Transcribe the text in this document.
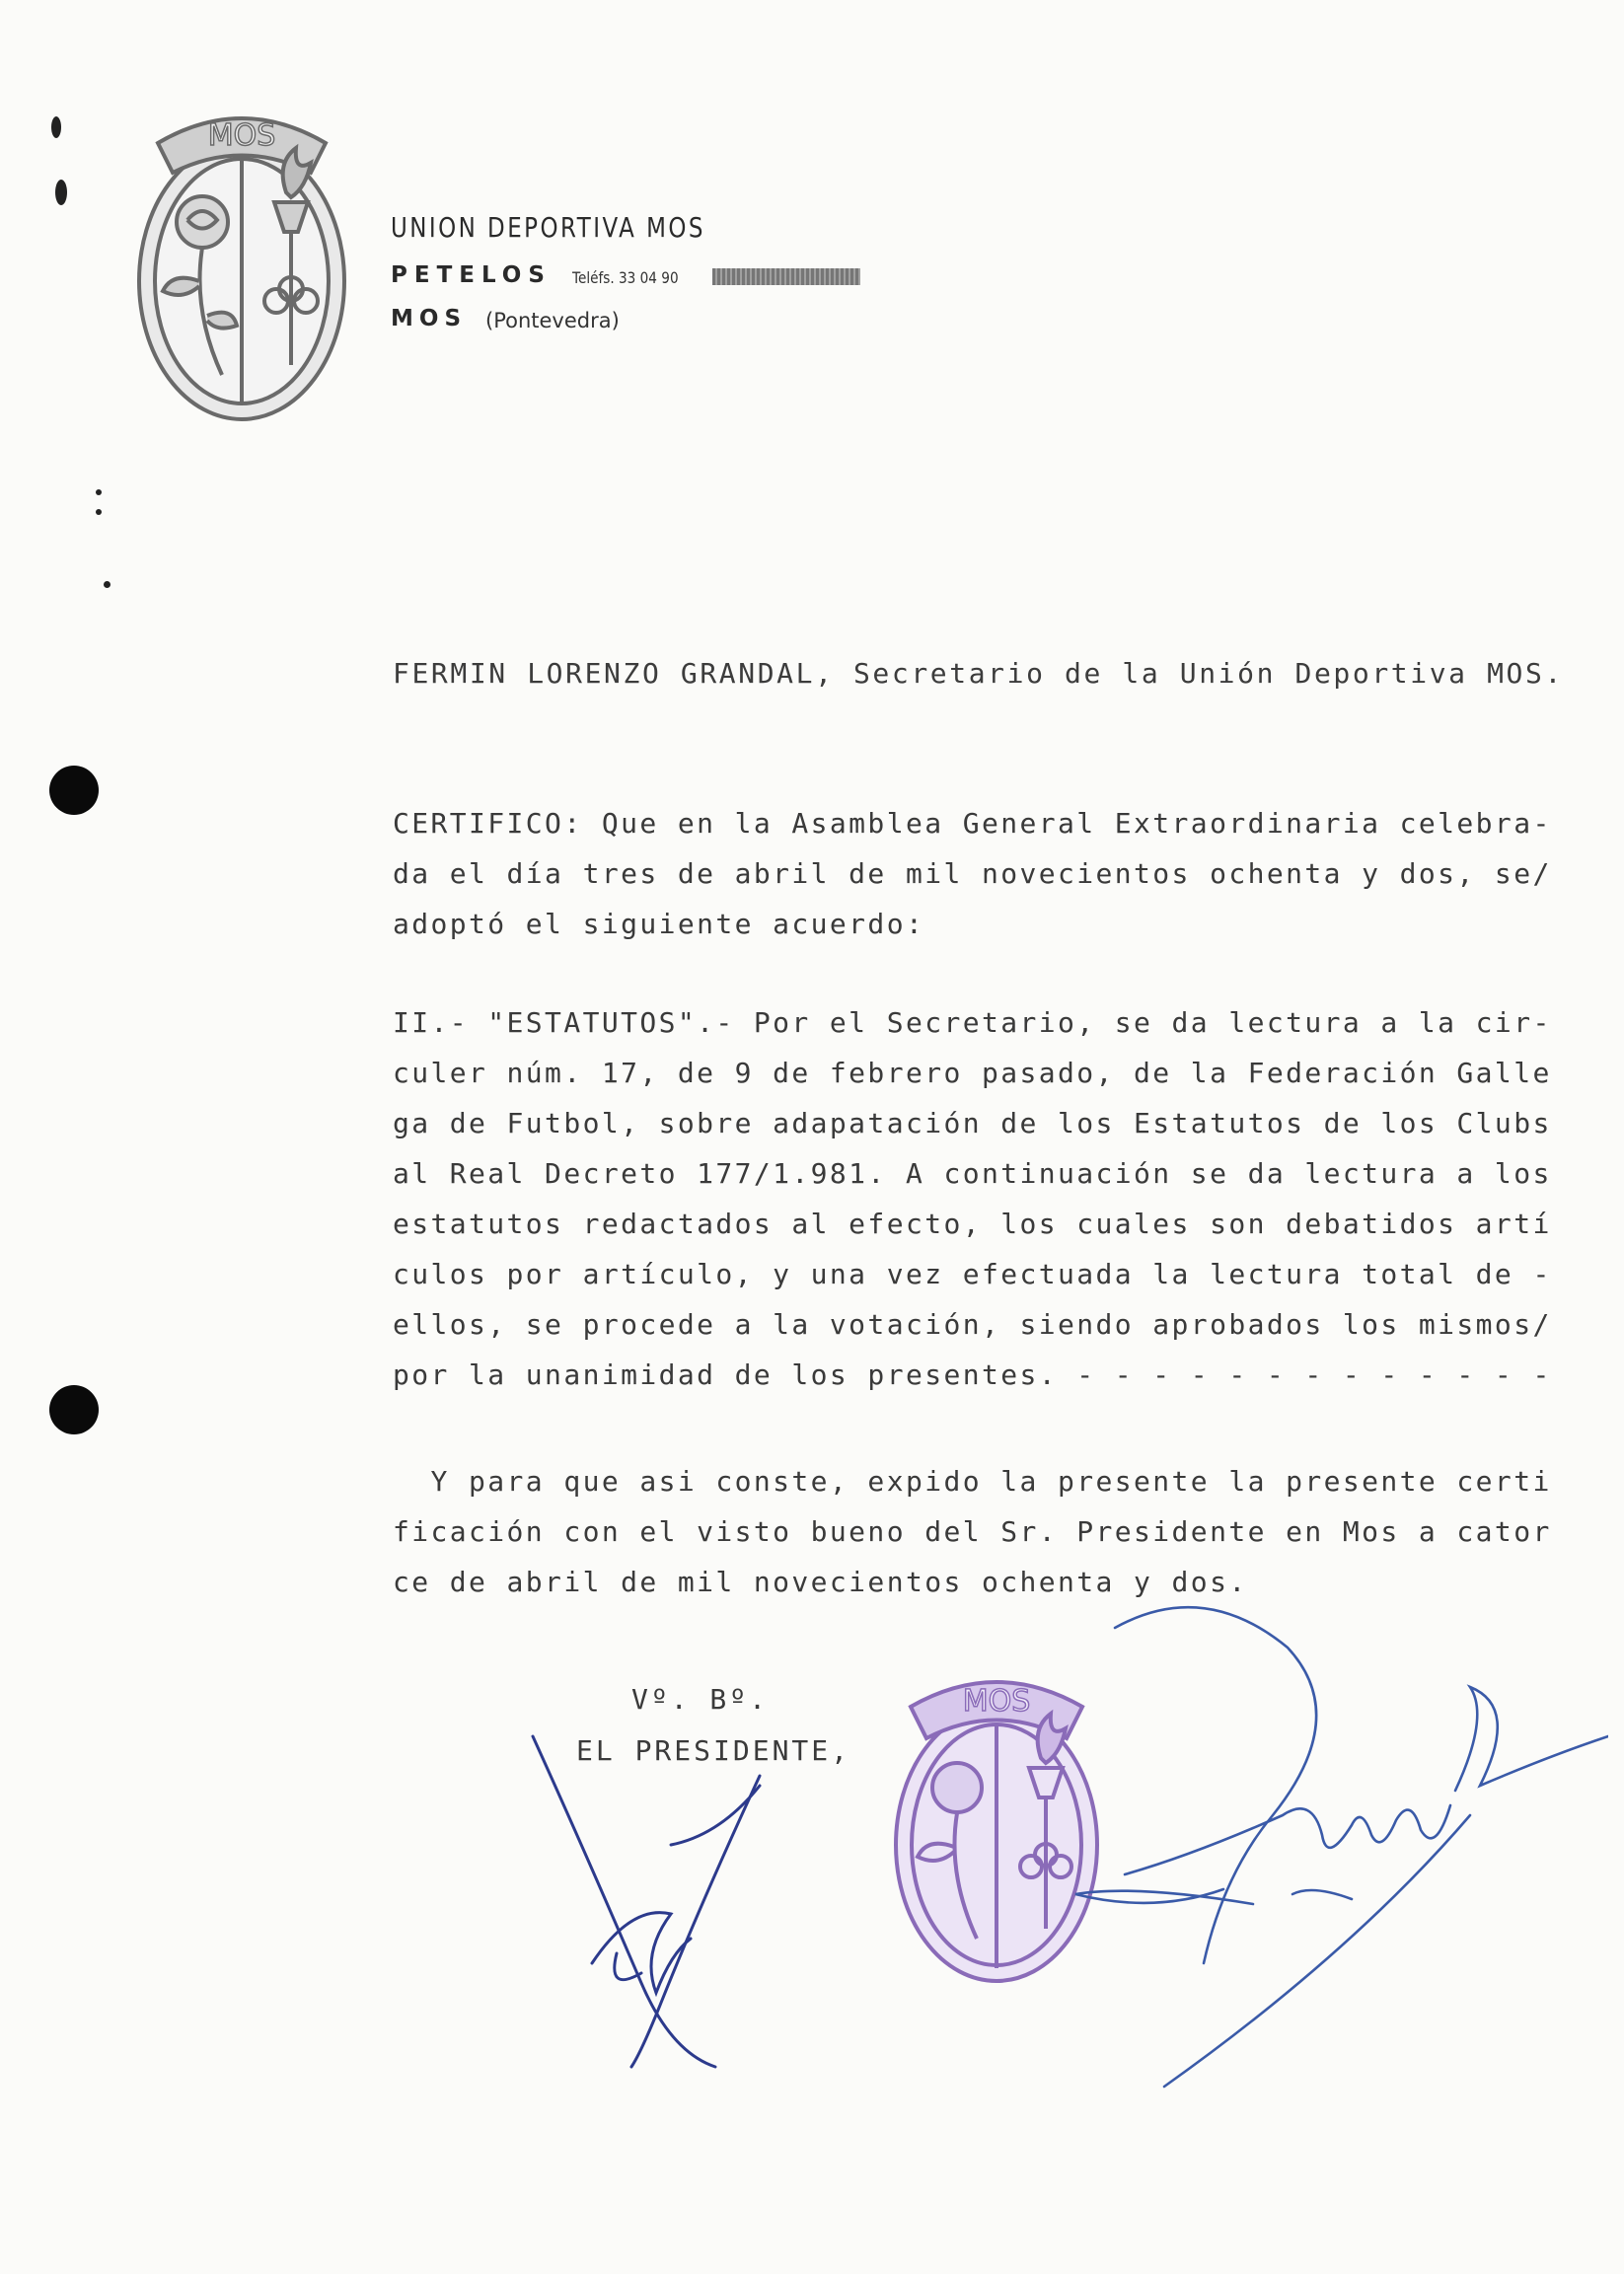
MOS
UNION DEPORTIVA MOS
PETELOS Teléfs. 33 04 90
MOS (Pontevedra)
FERMIN LORENZO GRANDAL, Secretario de la Unión Deportiva MOS.
CERTIFICO: Que en la Asamblea General Extraordinaria celebra-
da el día tres de abril de mil novecientos ochenta y dos, se/
adoptó el siguiente acuerdo:
II.- "ESTATUTOS".- Por el Secretario, se da lectura a la cir-
culer núm. 17, de 9 de febrero pasado, de la Federación Galle
ga de Futbol, sobre adapatación de los Estatutos de los Clubs
al Real Decreto 177/1.981. A continuación se da lectura a los
estatutos redactados al efecto, los cuales son debatidos artí
culos por artículo, y una vez efectuada la lectura total de -
ellos, se procede a la votación, siendo aprobados los mismos/
por la unanimidad de los presentes. - - - - - - - - - - - - -
Y para que asi conste, expido la presente la presente certi
ficación con el visto bueno del Sr. Presidente en Mos a cator
ce de abril de mil novecientos ochenta y dos.
Vº. Bº.
EL PRESIDENTE,
MOS
